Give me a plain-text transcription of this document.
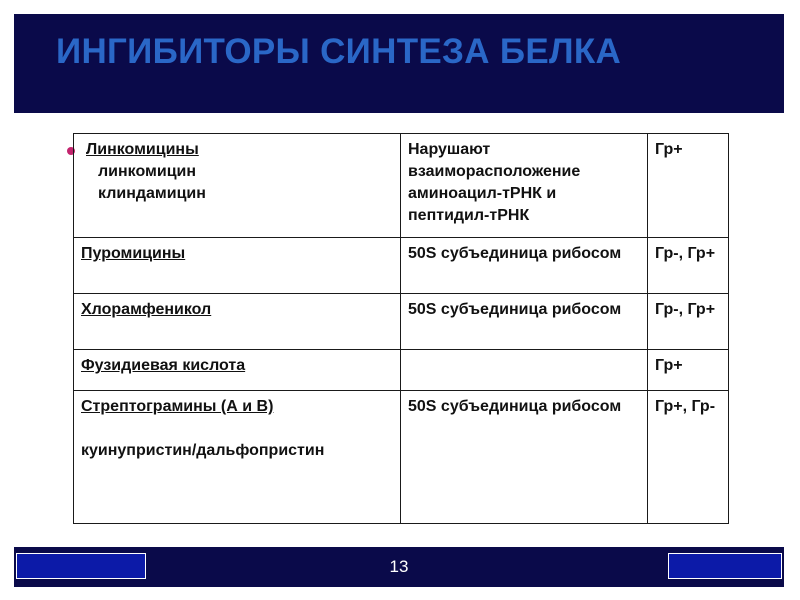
ИНГИБИТОРЫ СИНТЕЗА БЕЛКА
Линкомицины
линкомицин
клиндамицин	Нарушают взаиморасположение аминоацил-тРНК и пептидил-тРНК	Гр+
Пуромицины	50S субъединица рибосом	Гр-, Гр+
Хлорамфеникол	50S субъединица рибосом	Гр-, Гр+
Фузидиевая кислота		Гр+
Стрептограмины (А и В)
куинупристин/дальфопристин	50S субъединица рибосом	Гр+, Гр-
13
